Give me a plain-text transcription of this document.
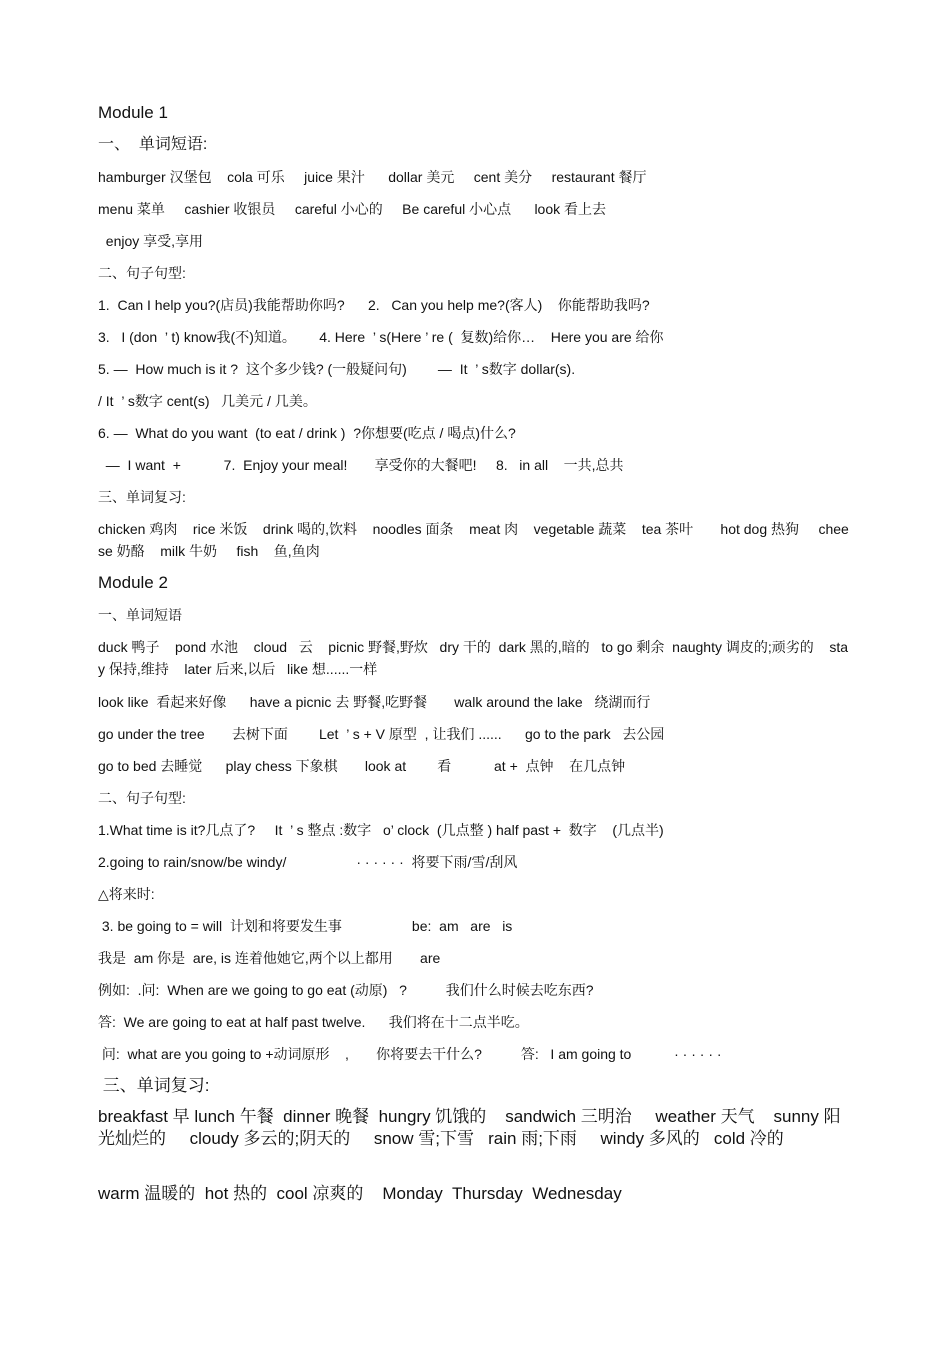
Module 1

一、  单词短语:

hamburger 汉堡包    cola 可乐     juice 果汁      dollar 美元     cent 美分     restaurant 餐厅

menu 菜单     cashier 收银员     careful 小心的     Be careful 小心点      look 看上去

enjoy 享受,享用

二、句子句型:

1.  Can I help you?(店员)我能帮助你吗?      2.   Can you help me?(客人)    你能帮助我吗?

3.   I (don  ’ t) know我(不)知道。      4. Here  ’ s(Here ’ re (  复数)给你…    Here you are 给你

5. —  How much is it ?  这个多少钱? (一般疑问句)        —  It  ’ s数字 dollar(s).

/ It  ’ s数字 cent(s)   几美元 / 几美。

6. —  What do you want  (to eat / drink )  ?你想要(吃点 / 喝点)什么?

—  I want  +           7.  Enjoy your meal!       享受你的大餐吧!     8.   in all    一共,总共

三、单词复习:

chicken 鸡肉    rice 米饭    drink 喝的,饮料    noodles 面条    meat 肉    vegetable 蔬菜    tea 茶叶       hot dog 热狗     cheese 奶酪    milk 牛奶     fish    鱼,鱼肉

Module 2

一、单词短语

duck 鸭子    pond 水池    cloud   云    picnic 野餐,野炊   dry 干的  dark 黑的,暗的   to go 剩余  naughty 调皮的;顽劣的    stay 保持,维持    later 后来,以后   like 想......一样

look like  看起来好像      have a picnic 去 野餐,吃野餐       walk around the lake   绕湖而行

go under the tree       去树下面        Let  ’ s + V 原型  , 让我们 ......      go to the park   去公园

go to bed 去睡觉      play chess 下象棋       look at        看           at +  点钟    在几点钟

二、句子句型:

1.What time is it?几点了?     It  ’ s 整点 :数字   o’ clock  (几点整 ) half past +  数字    (几点半)

2.going to rain/snow/be windy/                  · · · · · ·  将要下雨/雪/刮风

△将来时:

3. be going to = will  计划和将要发生事                  be:  am   are   is

我是  am 你是  are, is 连着他她它,两个以上都用       are

例如:  .问:  When are we going to go eat (动原)   ?          我们什么时候去吃东西?

答:  We are going to eat at half past twelve.      我们将在十二点半吃。

问:  what are you going to +动词原形    ,       你将要去干什么?          答:   I am going to           · · · · · ·

三、单词复习:

breakfast 早 lunch 午餐  dinner 晚餐  hungry 饥饿的    sandwich 三明治     weather 天气    sunny 阳光灿烂的     cloudy 多云的;阴天的     snow 雪;下雪   rain 雨;下雨     windy 多风的   cold 冷的

warm 温暖的  hot 热的  cool 凉爽的    Monday  Thursday  Wednesday
